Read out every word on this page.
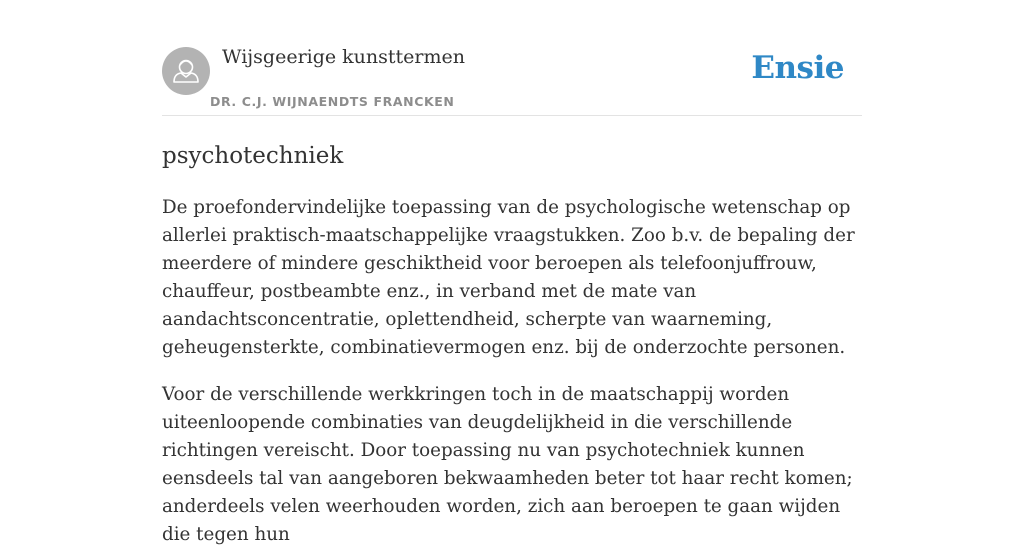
Wijsgeerige kunsttermen
DR. C.J. WIJNAENDTS FRANCKEN
Ensie
psychotechniek

De proefondervindelijke toepassing van de psychologische wetenschap op allerlei praktisch-maatschappelijke vraagstukken. Zoo b.v. de bepaling der meerdere of mindere geschiktheid voor beroepen als telefoonjuffrouw, chauffeur, postbeambte enz., in verband met de mate van aandachtsconcentratie, oplettendheid, scherpte van waarneming, geheugensterkte, combinatievermogen enz. bij de onderzochte personen.

Voor de verschillende werkkringen toch in de maatschappij worden uiteenloopende combinaties van deugdelijkheid in die verschillende richtingen vereischt. Door toepassing nu van psychotechniek kunnen eensdeels tal van aangeboren bekwaamheden beter tot haar recht komen; anderdeels velen weerhouden worden, zich aan beroepen te gaan wijden die tegen hun
